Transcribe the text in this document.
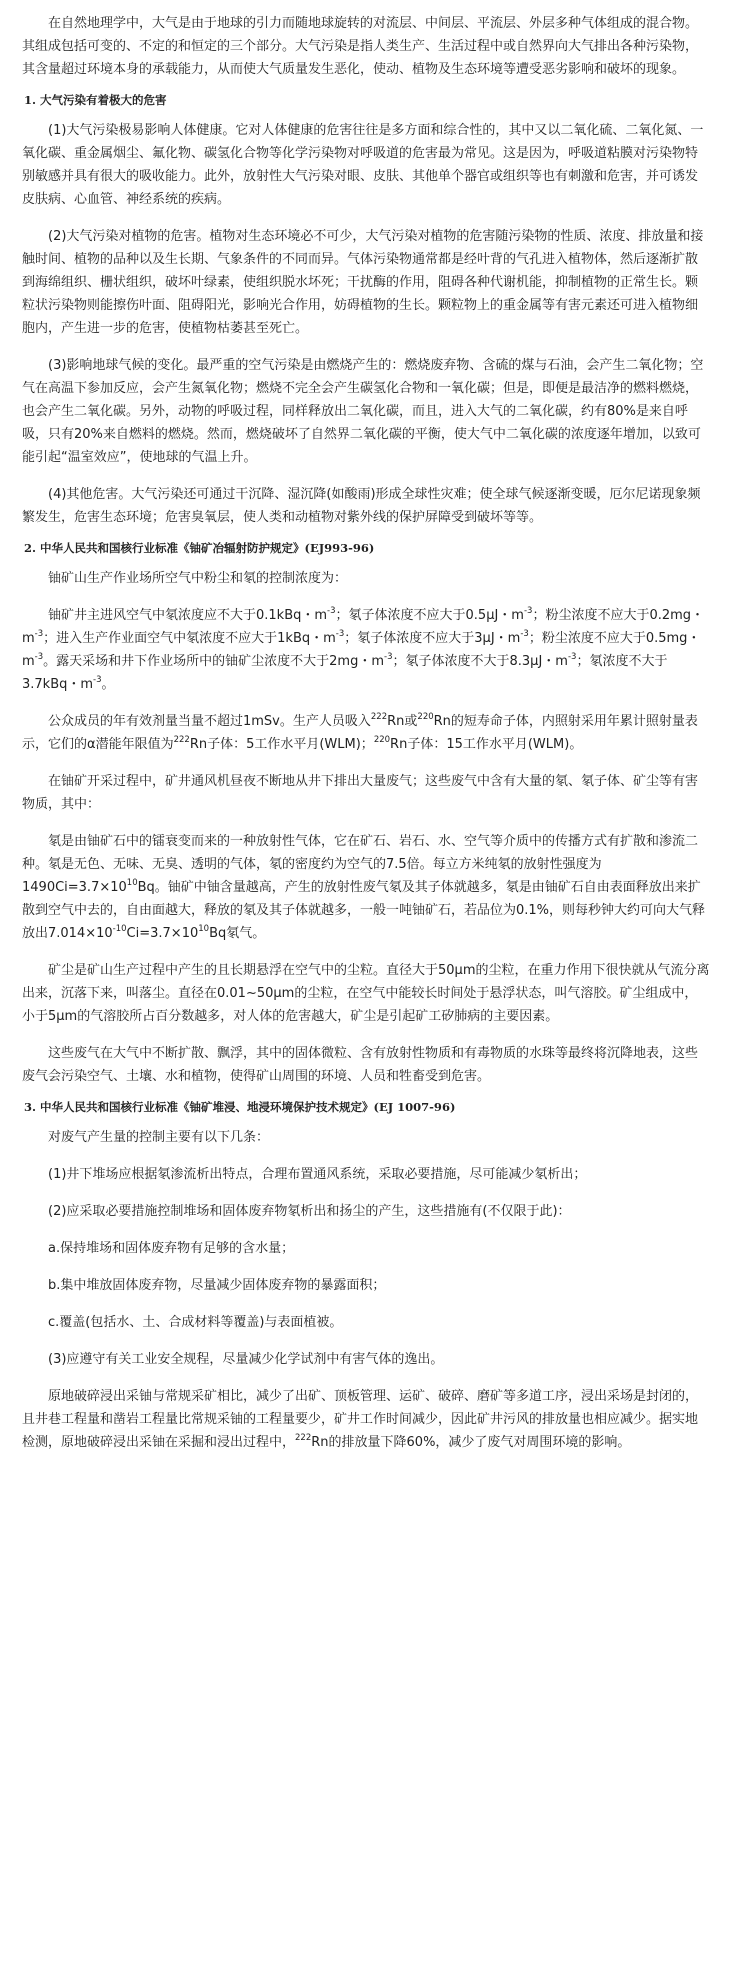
在自然地理学中，大气是由于地球的引力而随地球旋转的对流层、中间层、平流层、外层多种气体组成的混合物。其组成包括可变的、不定的和恒定的三个部分。大气污染是指人类生产、生活过程中或自然界向大气排出各种污染物，其含量超过环境本身的承载能力，从而使大气质量发生恶化，使动、植物及生态环境等遭受恶劣影响和破坏的现象。

1. 大气污染有着极大的危害

(1)大气污染极易影响人体健康。它对人体健康的危害往往是多方面和综合性的，其中又以二氧化硫、二氧化氮、一氧化碳、重金属烟尘、氟化物、碳氢化合物等化学污染物对呼吸道的危害最为常见。这是因为，呼吸道粘膜对污染物特别敏感并具有很大的吸收能力。此外，放射性大气污染对眼、皮肤、其他单个器官或组织等也有刺激和危害，并可诱发皮肤病、心血管、神经系统的疾病。

(2)大气污染对植物的危害。植物对生态环境必不可少，大气污染对植物的危害随污染物的性质、浓度、排放量和接触时间、植物的品种以及生长期、气象条件的不同而异。气体污染物通常都是经叶背的气孔进入植物体，然后逐渐扩散到海绵组织、栅状组织，破坏叶绿素，使组织脱水坏死；干扰酶的作用，阻碍各种代谢机能，抑制植物的正常生长。颗粒状污染物则能擦伤叶面、阻碍阳光，影响光合作用，妨碍植物的生长。颗粒物上的重金属等有害元素还可进入植物细胞内，产生进一步的危害，使植物枯萎甚至死亡。

(3)影响地球气候的变化。最严重的空气污染是由燃烧产生的：燃烧废弃物、含硫的煤与石油，会产生二氧化物；空气在高温下参加反应，会产生氮氧化物；燃烧不完全会产生碳氢化合物和一氧化碳；但是，即便是最洁净的燃料燃烧，也会产生二氧化碳。另外，动物的呼吸过程，同样释放出二氧化碳，而且，进入大气的二氧化碳，约有80%是来自呼吸，只有20%来自燃料的燃烧。然而，燃烧破坏了自然界二氧化碳的平衡，使大气中二氧化碳的浓度逐年增加，以致可能引起“温室效应”，使地球的气温上升。

(4)其他危害。大气污染还可通过干沉降、湿沉降(如酸雨)形成全球性灾难；使全球气候逐渐变暖，厄尔尼诺现象频繁发生，危害生态环境；危害臭氧层，使人类和动植物对紫外线的保护屏障受到破坏等等。

2. 中华人民共和国核行业标准《铀矿冶辐射防护规定》(EJ993-96)

铀矿山生产作业场所空气中粉尘和氡的控制浓度为：

铀矿井主进风空气中氡浓度应不大于0.1kBq・$m^{-3}$；氡子体浓度不应大于0.5μJ・$m^{-3}$；粉尘浓度不应大于0.2mg・$m^{-3}$；进入生产作业面空气中氡浓度不应大于1kBq・$m^{-3}$；氡子体浓度不应大于3μJ・$m^{-3}$；粉尘浓度不应大于0.5mg・$m^{-3}$。露天采场和井下作业场所中的铀矿尘浓度不大于2mg・$m^{-3}$；氡子体浓度不大于8.3μJ・$m^{-3}$；氡浓度不大于3.7kBq・$m^{-3}$。

公众成员的年有效剂量当量不超过1mSv。生产人员吸入$^{222}$Rn或$^{220}$Rn的短寿命子体，内照射采用年累计照射量表示，它们的α潜能年限值为$^{222}$Rn子体：5工作水平月(WLM)；$^{220}$Rn子体：15工作水平月(WLM)。

在铀矿开采过程中，矿井通风机昼夜不断地从井下排出大量废气；这些废气中含有大量的氡、氡子体、矿尘等有害物质，其中：

氡是由铀矿石中的镭衰变而来的一种放射性气体，它在矿石、岩石、水、空气等介质中的传播方式有扩散和渗流二种。氡是无色、无味、无臭、透明的气体，氡的密度约为空气的7.5倍。每立方米纯氡的放射性强度为$1490Ci=3.7\times 10^{10}Bq$。铀矿中铀含量越高，产生的放射性废气氡及其子体就越多，氡是由铀矿石自由表面释放出来扩散到空气中去的，自由面越大，释放的氡及其子体就越多，一般一吨铀矿石，若品位为0.1%，则每秒钟大约可向大气释放出$7.014\times 10^{-10}Ci=3.7\times 10^{10}Bq$氡气。

矿尘是矿山生产过程中产生的且长期悬浮在空气中的尘粒。直径大于50μm的尘粒，在重力作用下很快就从气流分离出来，沉落下来，叫落尘。直径在0.01~50μm的尘粒，在空气中能较长时间处于悬浮状态，叫气溶胶。矿尘组成中，小于5μm的气溶胶所占百分数越多，对人体的危害越大，矿尘是引起矿工矽肺病的主要因素。

这些废气在大气中不断扩散、飘浮，其中的固体微粒、含有放射性物质和有毒物质的水珠等最终将沉降地表，这些废气会污染空气、土壤、水和植物，使得矿山周围的环境、人员和牲畜受到危害。

3. 中华人民共和国核行业标准《铀矿堆浸、地浸环境保护技术规定》(EJ 1007-96)

对废气产生量的控制主要有以下几条：

(1)井下堆场应根据氡渗流析出特点，合理布置通风系统，采取必要措施，尽可能减少氡析出；

(2)应采取必要措施控制堆场和固体废弃物氡析出和扬尘的产生，这些措施有(不仅限于此)：

a.保持堆场和固体废弃物有足够的含水量；

b.集中堆放固体废弃物，尽量减少固体废弃物的暴露面积；

c.覆盖(包括水、土、合成材料等覆盖)与表面植被。

(3)应遵守有关工业安全规程，尽量减少化学试剂中有害气体的逸出。

原地破碎浸出采铀与常规采矿相比，减少了出矿、顶板管理、运矿、破碎、磨矿等多道工序，浸出采场是封闭的，且井巷工程量和凿岩工程量比常规采铀的工程量要少，矿井工作时间减少，因此矿井污风的排放量也相应减少。据实地检测，原地破碎浸出采铀在采掘和浸出过程中，$^{222}$Rn的排放量下降60%，减少了废气对周围环境的影响。
